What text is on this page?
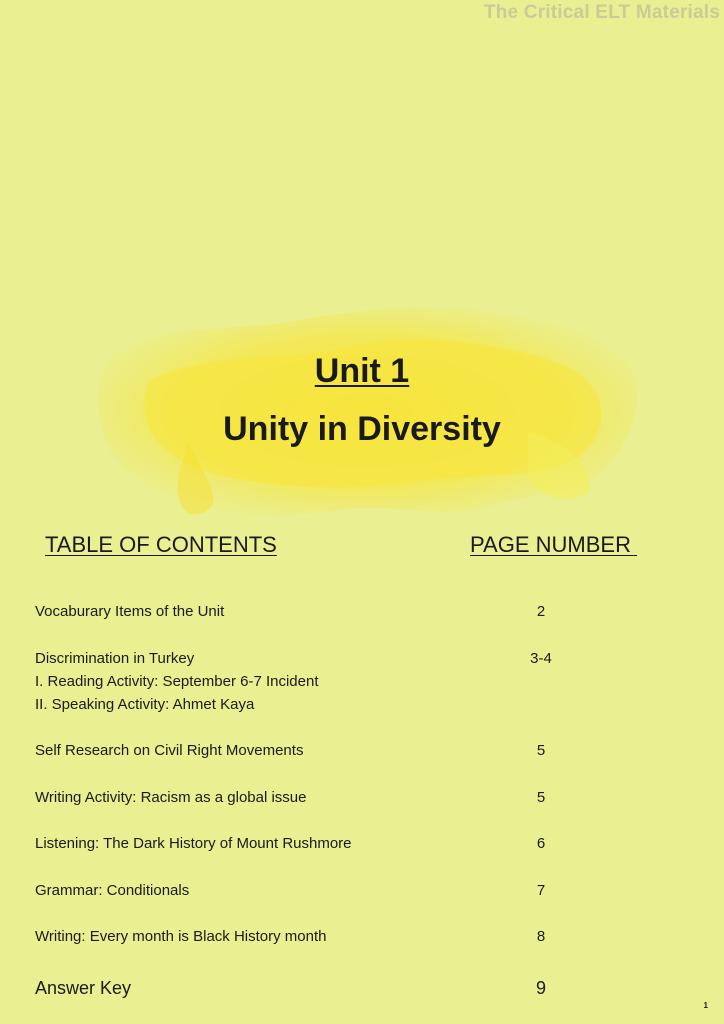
The Critical ELT Materials
Unit 1
Unity in Diversity
TABLE OF CONTENTS	PAGE NUMBER
Vocaburary Items of the Unit	2
Discrimination in Turkey	3-4
I. Reading Activity: September 6-7 Incident
II. Speaking Activity: Ahmet Kaya
Self Research on Civil Right Movements	5
Writing Activity: Racism as a global issue	5
Listening: The Dark History of Mount Rushmore	6
Grammar: Conditionals	7
Writing: Every month is Black History month	8
Answer Key	9
1
